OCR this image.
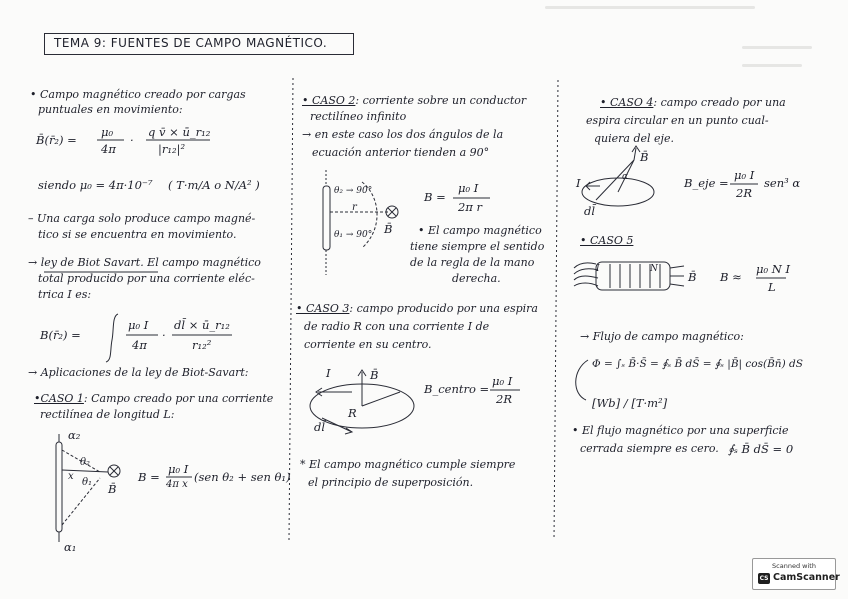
TEMA 9: FUENTES DE CAMPO MAGNÉTICO.
• Campo magnético creado por cargas
puntuales en movimiento:
B̄(r̄₂) =
μ₀
4π
·
q v̄ × ū_r₁₂
|r₁₂|²
siendo μ₀ = 4π·10⁻⁷ ( T·m/A o N/A² )
– Una carga solo produce campo magné-
tico si se encuentra en movimiento.
→ ley de Biot Savart. El campo magnético
total producido por una corriente eléc-
trica I es:
B(r̄₂) =
μ₀ I
4π
·
dl̄ × ū_r₁₂
r₁₂²
→ Aplicaciones de la ley de Biot-Savart:
•CASO 1: Campo creado por una corriente
rectilínea de longitud L:
α₂
α₁
θ₂
θ₁
x
B̄
B =
μ₀ I
4π x
(sen θ₂ + sen θ₁)
• CASO 2: corriente sobre un conductor
rectilíneo infinito
→ en este caso los dos ángulos de la
ecuación anterior tienden a 90°
θ₂ → 90°
θ₁ → 90°
r
B̄
B =
μ₀ I
2π r
• El campo magnético
tiene siempre el sentido
de la regla de la mano
derecha.
• CASO 3: campo producido por una espira
de radio R con una corriente I de
corriente en su centro.
I	B̄
R
dl̄
B_centro =
μ₀ I
2R
* El campo magnético cumple siempre
el principio de superposición.
• CASO 4: campo creado por una
espira circular en un punto cual-
quiera del eje.
B̄
α
I
dl̄
B_eje =
μ₀ I
2R
sen³ α
• CASO 5
I	N
B̄ B ≈
μ₀ N I
L
→ Flujo de campo magnético:
Φ = ∫ₛ B̄·S̄ = ∮ₛ B̄ dS̄ = ∮ₛ |B̄| cos(B̄n̄) dS
[Wb] / [T·m²]
• El flujo magnético por una superficie
cerrada siempre es cero. ∮ₛ B̄ dS̄ = 0
Scanned with
CS CamScanner
